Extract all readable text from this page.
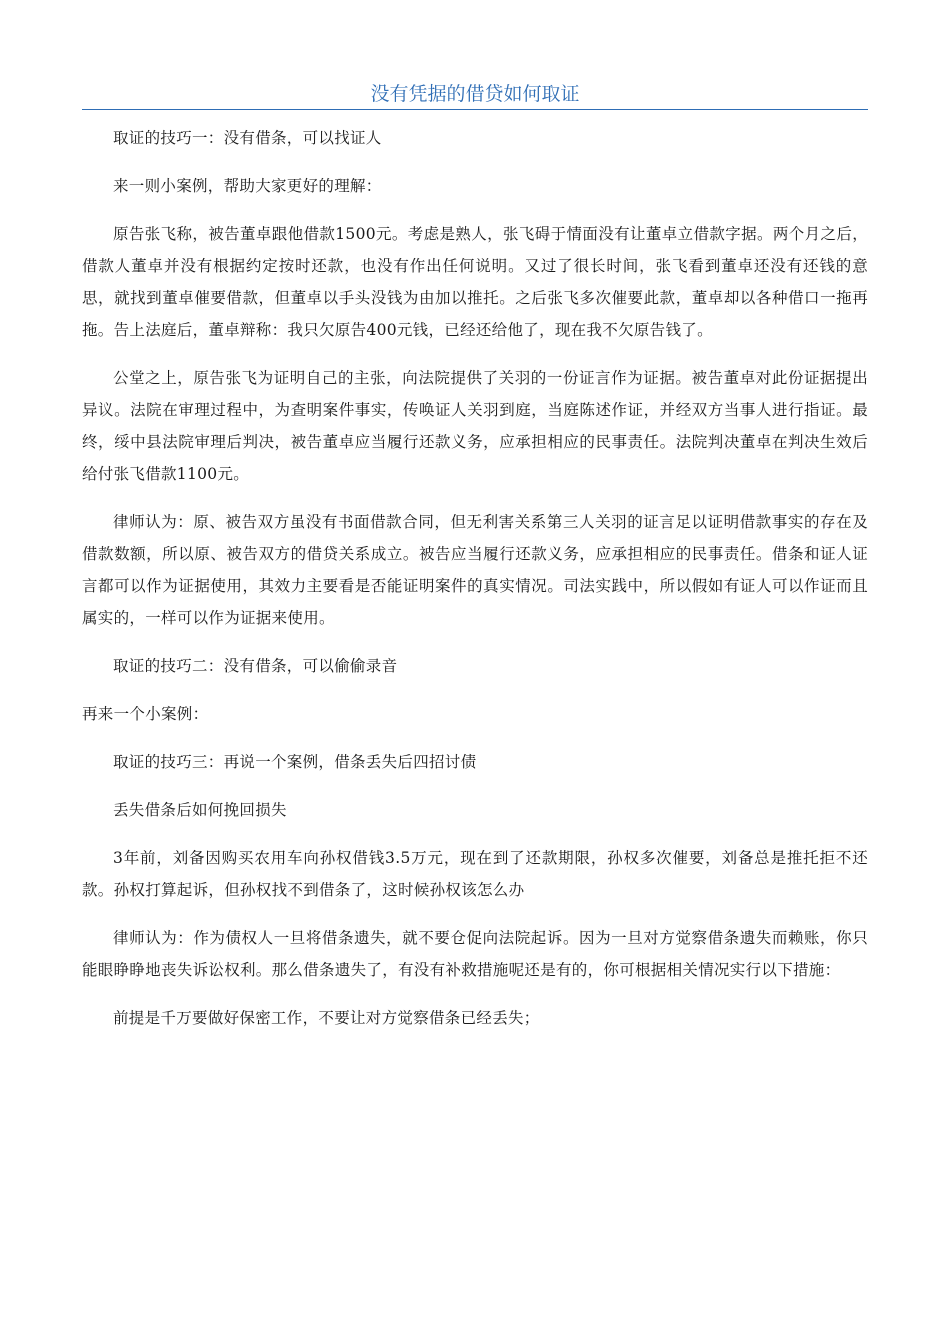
没有凭据的借贷如何取证

取证的技巧一：没有借条，可以找证人

来一则小案例，帮助大家更好的理解：

原告张飞称，被告董卓跟他借款1500元。考虑是熟人，张飞碍于情面没有让董卓立借款字据。两个月之后，借款人董卓并没有根据约定按时还款，也没有作出任何说明。又过了很长时间，张飞看到董卓还没有还钱的意思，就找到董卓催要借款，但董卓以手头没钱为由加以推托。之后张飞多次催要此款，董卓却以各种借口一拖再拖。告上法庭后，董卓辩称：我只欠原告400元钱，已经还给他了，现在我不欠原告钱了。

公堂之上，原告张飞为证明自己的主张，向法院提供了关羽的一份证言作为证据。被告董卓对此份证据提出异议。法院在审理过程中，为查明案件事实，传唤证人关羽到庭，当庭陈述作证，并经双方当事人进行指证。最终，绥中县法院审理后判决，被告董卓应当履行还款义务，应承担相应的民事责任。法院判决董卓在判决生效后给付张飞借款1100元。

律师认为：原、被告双方虽没有书面借款合同，但无利害关系第三人关羽的证言足以证明借款事实的存在及借款数额，所以原、被告双方的借贷关系成立。被告应当履行还款义务，应承担相应的民事责任。借条和证人证言都可以作为证据使用，其效力主要看是否能证明案件的真实情况。司法实践中，所以假如有证人可以作证而且属实的，一样可以作为证据来使用。

取证的技巧二：没有借条，可以偷偷录音

再来一个小案例：

取证的技巧三：再说一个案例，借条丢失后四招讨债

丢失借条后如何挽回损失

3年前，刘备因购买农用车向孙权借钱3.5万元，现在到了还款期限，孙权多次催要，刘备总是推托拒不还款。孙权打算起诉，但孙权找不到借条了，这时候孙权该怎么办

律师认为：作为债权人一旦将借条遗失，就不要仓促向法院起诉。因为一旦对方觉察借条遗失而赖账，你只能眼睁睁地丧失诉讼权利。那么借条遗失了，有没有补救措施呢还是有的，你可根据相关情况实行以下措施：

前提是千万要做好保密工作，不要让对方觉察借条已经丢失；
